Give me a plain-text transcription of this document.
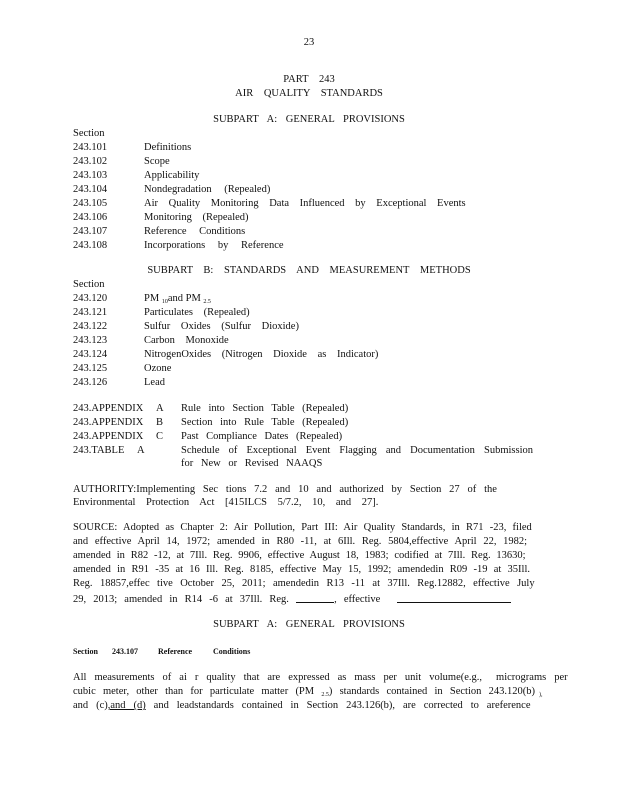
23
PART 243
AIR QUALITY STANDARDS
SUBPART A: GENERAL PROVISIONS
Section
243.101	Definitions
243.102	Scope
243.103	Applicability
243.104	Nondegradation (Repealed)
243.105	Air Quality Monitoring Data Influenced by Exceptional Events
243.106	Monitoring (Repealed)
243.107	Reference Conditions
243.108	Incorporations by Reference
SUBPART B: STANDARDS AND MEASUREMENT METHODS
Section
243.120	PM $_{10}$and PM $_{2.5}$
243.121	Particulates (Repealed)
243.122	Sulfur Oxides (Sulfur Dioxide)
243.123	Carbon Monoxide
243.124	NitrogenOxides (Nitrogen Dioxide as Indicator)
243.125	Ozone
243.126	Lead
243.APPENDIX A Rule into Section Table (Repealed)
243.APPENDIX B Section into Rule Table (Repealed)
243.APPENDIX C Past Compliance Dates (Repealed)
243.TABLE A	Schedule of Exceptional Event Flagging and Documentation Submission
for New or Revised NAAQS
AUTHORITY:Implementing Sec tions 7.2 and 10 and authorized by Section 27 of the
Environmental Protection Act [415ILCS 5/7.2, 10, and 27].
SOURCE: Adopted as Chapter 2: Air Pollution, Part III: Air Quality Standards, in R71 -23, filed
and effective April 14, 1972; amended in R80 -11, at 6Ill. Reg. 5804,effective April 22, 1982;
amended in R82 -12, at 7Ill. Reg. 9906, effective August 18, 1983; codified at 7Ill. Reg. 13630;
amended in R91 -35 at 16 Ill. Reg. 8185, effective May 15, 1992; amendedin R09 -19 at 35Ill.
Reg. 18857,effec tive October 25, 2011; amendedin R13 -11 at 37Ill. Reg.12882, effective July
29, 2013; amended in R14 -6 at 37Ill. Reg.	, effective
SUBPART A: GENERAL PROVISIONS
Section 243.107	Reference	Conditions
All measurements of ai r quality that are expressed as mass per unit volume(e.g., micrograms per
cubic meter, other than for particulate matter (PM $_{2.5}$) standards contained in Section 243.120(b) $_{),}$
and (c),and (d) and leadstandards contained in Section 243.126(b), are corrected to areference
